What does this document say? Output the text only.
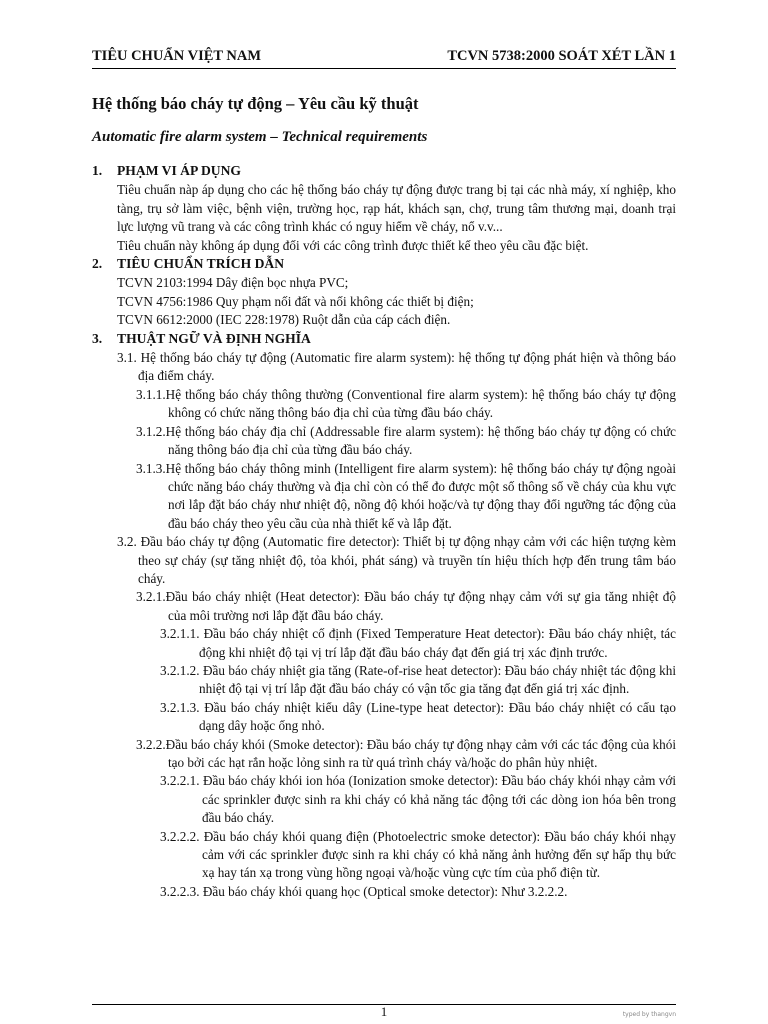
TIÊU CHUẨN VIỆT NAM	TCVN 5738:2000 SOÁT XÉT LẦN 1
Hệ thống báo cháy tự động – Yêu cầu kỹ thuật
Automatic fire alarm system – Technical requirements

1. PHẠM VI ÁP DỤNG

Tiêu chuẩn nàp áp dụng cho các hệ thống báo cháy tự động được trang bị tại các nhà máy, xí nghiệp, kho tàng, trụ sở làm việc, bệnh viện, trường học, rạp hát, khách sạn, chợ, trung tâm thương mại, doanh trại lực lượng vũ trang và các công trình khác có nguy hiểm về cháy, nổ v.v...

Tiêu chuẩn này không áp dụng đối với các công trình được thiết kế theo yêu cầu đặc biệt.

2. TIÊU CHUẨN TRÍCH DẪN

TCVN 2103:1994 Dây điện bọc nhựa PVC;

TCVN 4756:1986 Quy phạm nối đất và nối không các thiết bị điện;

TCVN 6612:2000 (IEC 228:1978) Ruột dẫn của cáp cách điện.

3. THUẬT NGỮ VÀ ĐỊNH NGHĨA

3.1. Hệ thống báo cháy tự động (Automatic fire alarm system): hệ thống tự động phát hiện và thông báo địa điểm cháy.

3.1.1.Hệ thống báo cháy thông thường (Conventional fire alarm system): hệ thống báo cháy tự động không có chức năng thông báo địa chỉ của từng đầu báo cháy.

3.1.2.Hệ thống báo cháy địa chỉ (Addressable fire alarm system): hệ thống báo cháy tự động có chức năng thông báo địa chỉ của từng đầu báo cháy.

3.1.3.Hệ thống báo cháy thông minh (Intelligent fire alarm system): hệ thống báo cháy tự động ngoài chức năng báo cháy thường và địa chỉ còn có thể đo được một số thông số về cháy của khu vực nơi lắp đặt báo cháy như nhiệt độ, nồng độ khói hoặc/và tự động thay đổi ngưỡng tác động của đầu báo cháy theo yêu cầu của nhà thiết kế và lắp đặt.

3.2. Đầu báo cháy tự động (Automatic fire detector): Thiết bị tự động nhạy cảm với các hiện tượng kèm theo sự cháy (sự tăng nhiệt độ, tỏa khói, phát sáng) và truyền tín hiệu thích hợp đến trung tâm báo cháy.

3.2.1.Đầu báo cháy nhiệt (Heat detector): Đầu báo cháy tự động nhạy cảm với sự gia tăng nhiệt độ của môi trường nơi lắp đặt đầu báo cháy.

3.2.1.1. Đầu báo cháy nhiệt cố định (Fixed Temperature Heat detector): Đầu báo cháy nhiệt, tác động khi nhiệt độ tại vị trí lắp đặt đầu báo cháy đạt đến giá trị xác định trước.

3.2.1.2. Đầu báo cháy nhiệt gia tăng (Rate-of-rise heat detector): Đầu báo cháy nhiệt tác động khi nhiệt độ tại vị trí lắp đặt đầu báo cháy có vận tốc gia tăng đạt đến giá trị xác định.

3.2.1.3. Đầu báo cháy nhiệt kiểu dây (Line-type heat detector): Đầu báo cháy nhiệt có cấu tạo dạng dây hoặc ống nhỏ.

3.2.2.Đầu báo cháy khói (Smoke detector): Đầu báo cháy tự động nhạy cảm với các tác động của khói tạo bởi các hạt rắn hoặc lỏng sinh ra từ quá trình cháy và/hoặc do phân hủy nhiệt.

3.2.2.1. Đầu báo cháy khói ion hóa (Ionization smoke detector): Đầu báo cháy khói nhạy cảm với các sprinkler được sinh ra khi cháy có khả năng tác động tới các dòng ion hóa bên trong đầu báo cháy.

3.2.2.2. Đầu báo cháy khói quang điện (Photoelectric smoke detector): Đầu báo cháy khói nhạy cảm với các sprinkler được sinh ra khi cháy có khả năng ảnh hưởng đến sự hấp thụ bức xạ hay tán xạ trong vùng hồng ngoại và/hoặc vùng cực tím của phổ điện từ.

3.2.2.3. Đầu báo cháy khói quang học (Optical smoke detector): Như 3.2.2.2.

1	typed by thangvn
